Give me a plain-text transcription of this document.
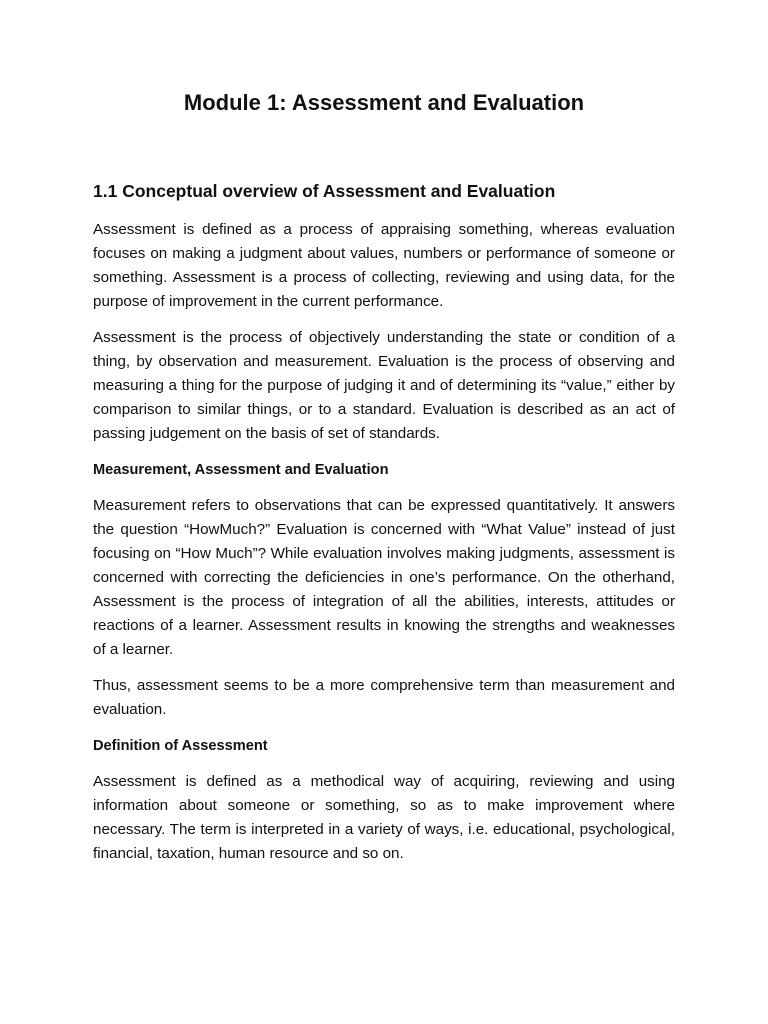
Module 1: Assessment and Evaluation
1.1 Conceptual overview of Assessment and Evaluation

Assessment is defined as a process of appraising something, whereas evaluation focuses on making a judgment about values, numbers or performance of someone or something. Assessment is a process of collecting, reviewing and using data, for the purpose of improvement in the current performance.

Assessment is the process of objectively understanding the state or condition of a thing, by observation and measurement. Evaluation is the process of observing and measuring a thing for the purpose of judging it and of determining its “value,” either by comparison to similar things, or to a standard. Evaluation is described as an act of passing judgement on the basis of set of standards.

Measurement, Assessment and Evaluation

Measurement refers to observations that can be expressed quantitatively. It answers the question “HowMuch?” Evaluation is concerned with “What Value” instead of just focusing on “How Much”? While evaluation involves making judgments, assessment is concerned with correcting the deficiencies in one’s performance. On the otherhand, Assessment is the process of integration of all the abilities, interests, attitudes or reactions of a learner. Assessment results in knowing the strengths and weaknesses of a learner.

Thus, assessment seems to be a more comprehensive term than measurement and evaluation.

Definition of Assessment

Assessment is defined as a methodical way of acquiring, reviewing and using information about someone or something, so as to make improvement where necessary. The term is interpreted in a variety of ways, i.e. educational, psychological, financial, taxation, human resource and so on.
